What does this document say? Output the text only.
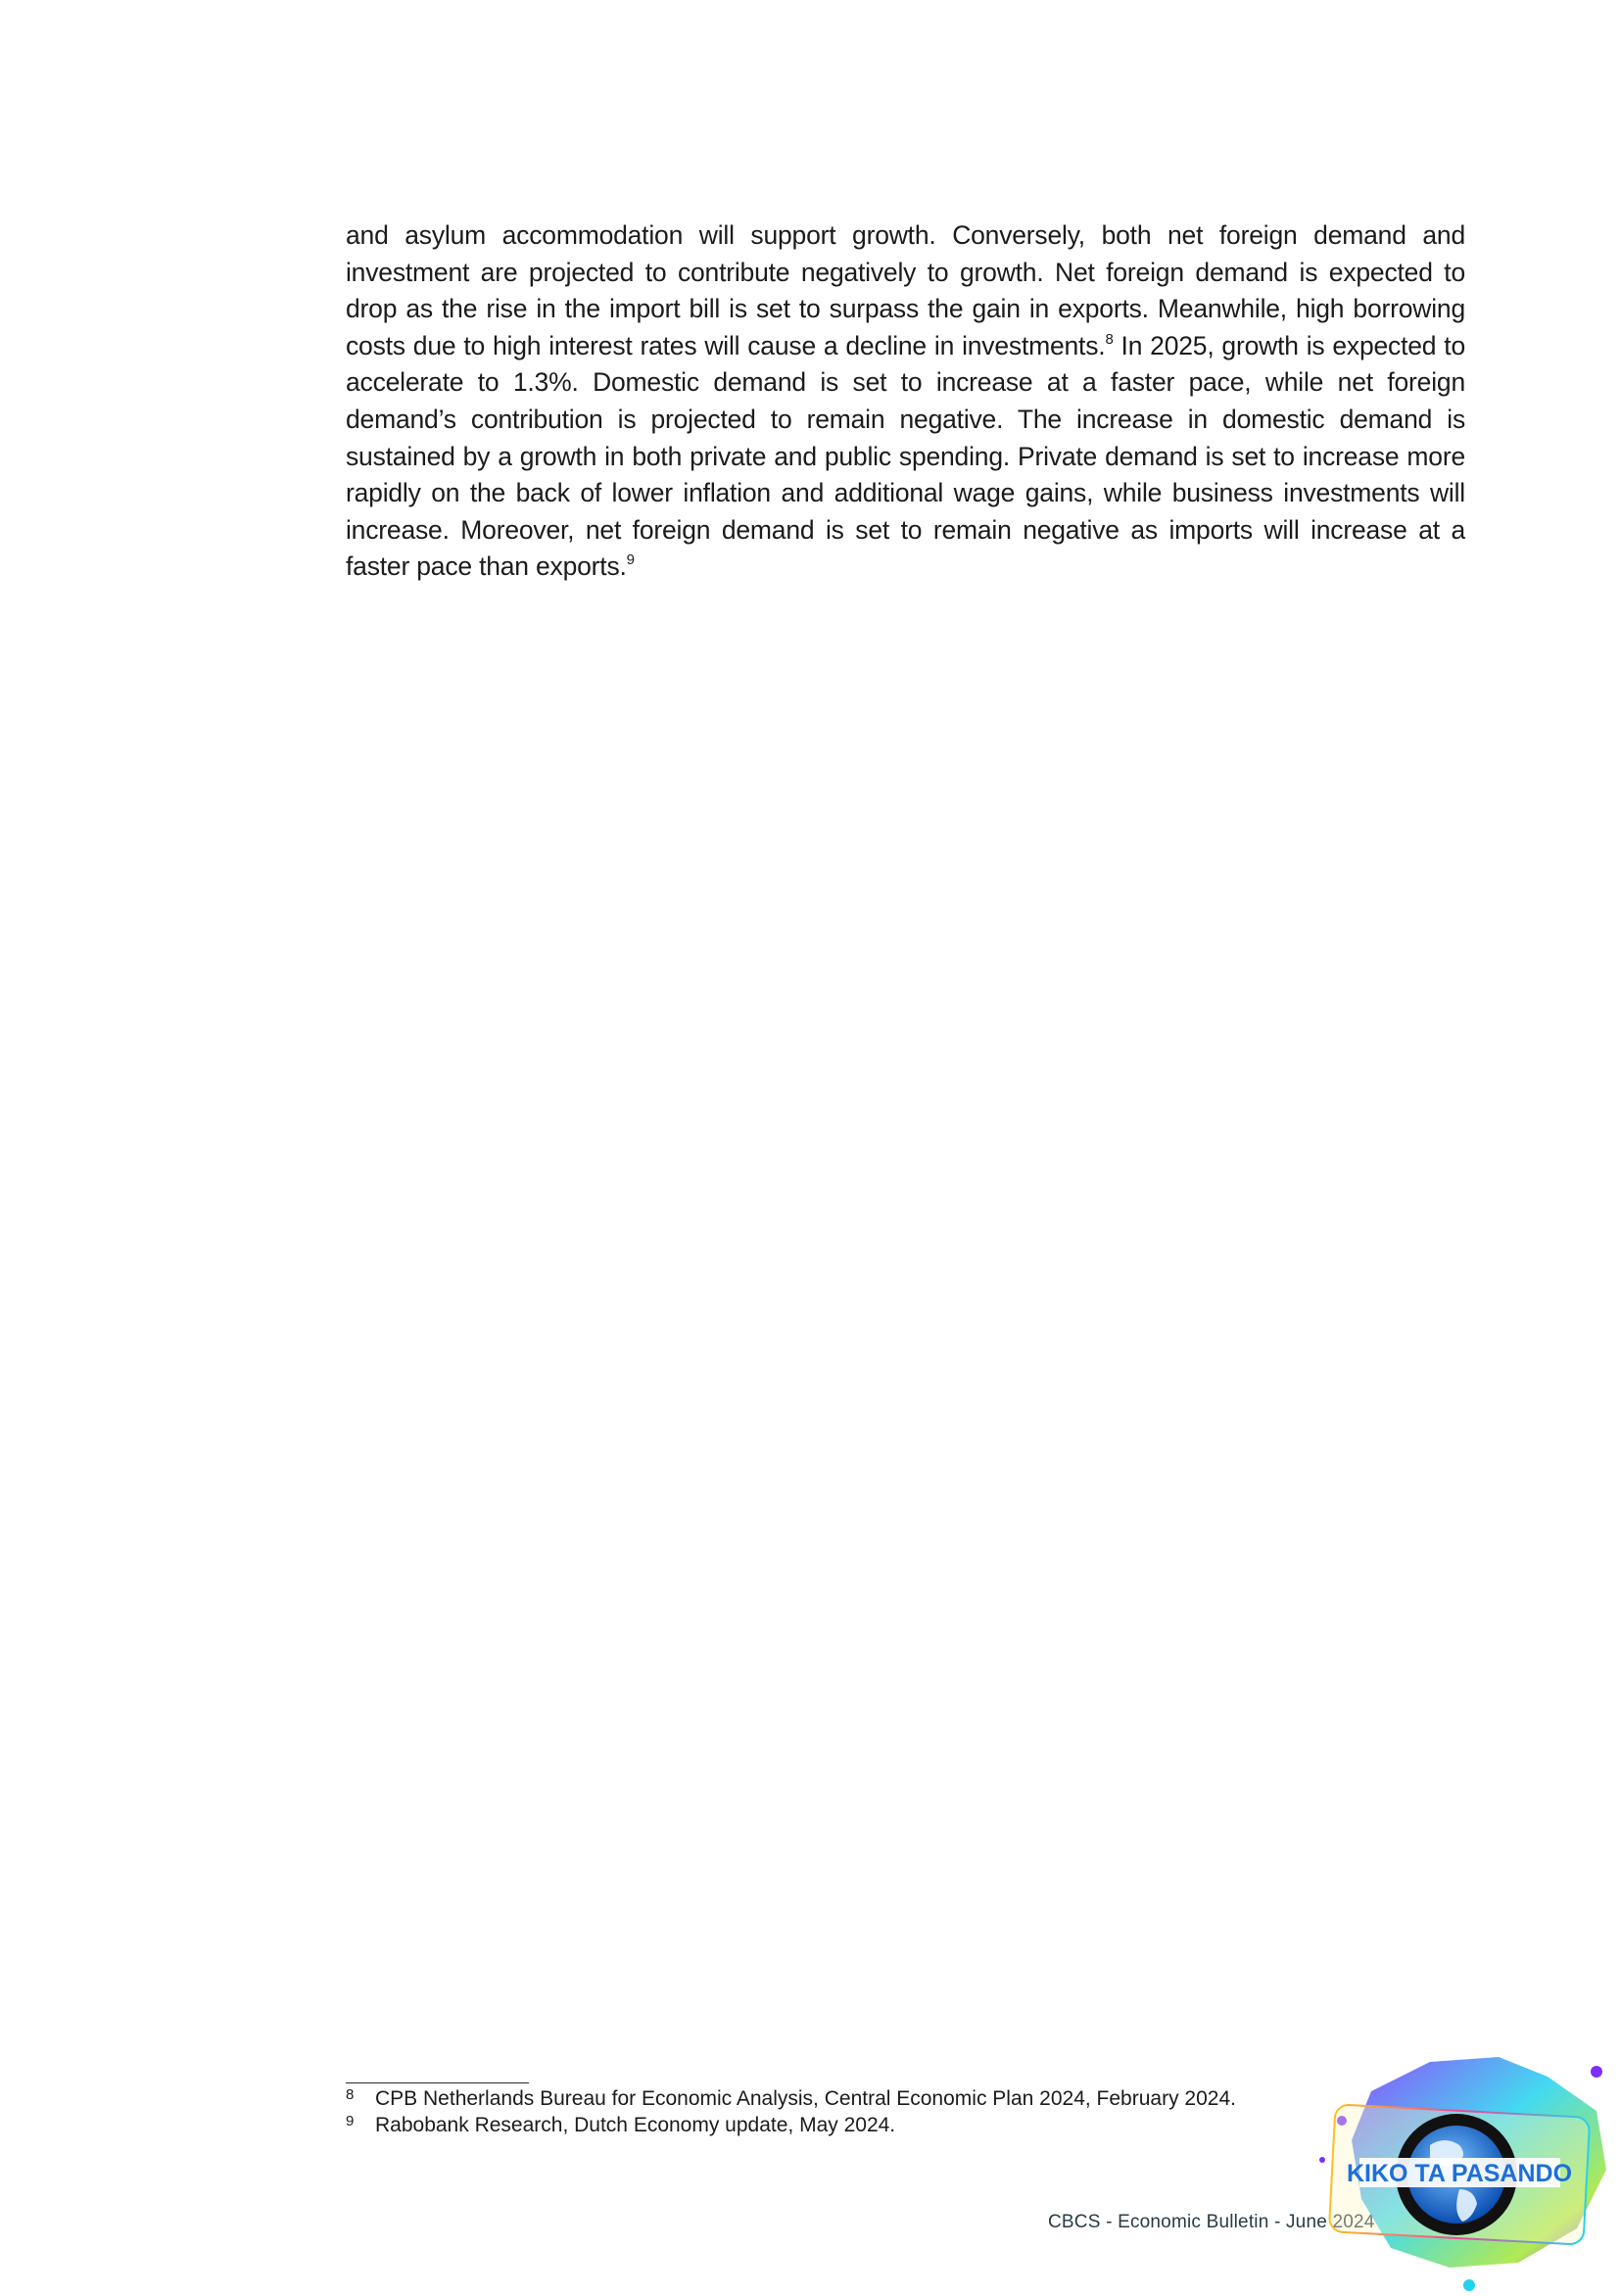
and asylum accommodation will support growth. Conversely, both net foreign demand and investment are projected to contribute negatively to growth. Net foreign demand is expected to drop as the rise in the import bill is set to surpass the gain in exports. Meanwhile, high borrowing costs due to high interest rates will cause a decline in investments.$^8$ In 2025, growth is expected to accelerate to 1.3%. Domestic demand is set to increase at a faster pace, while net foreign demand’s contribution is projected to remain negative. The increase in domestic demand is sustained by a growth in both private and public spending. Private demand is set to increase more rapidly on the back of lower inflation and additional wage gains, while business investments will increase. Moreover, net foreign demand is set to remain negative as imports will increase at a faster pace than exports.$^9$

8 CPB Netherlands Bureau for Economic Analysis, Central Economic Plan 2024, February 2024.
9 Rabobank Research, Dutch Economy update, May 2024.
CBCS - Economic Bulletin - June 2024
KIKO TA PASANDO
